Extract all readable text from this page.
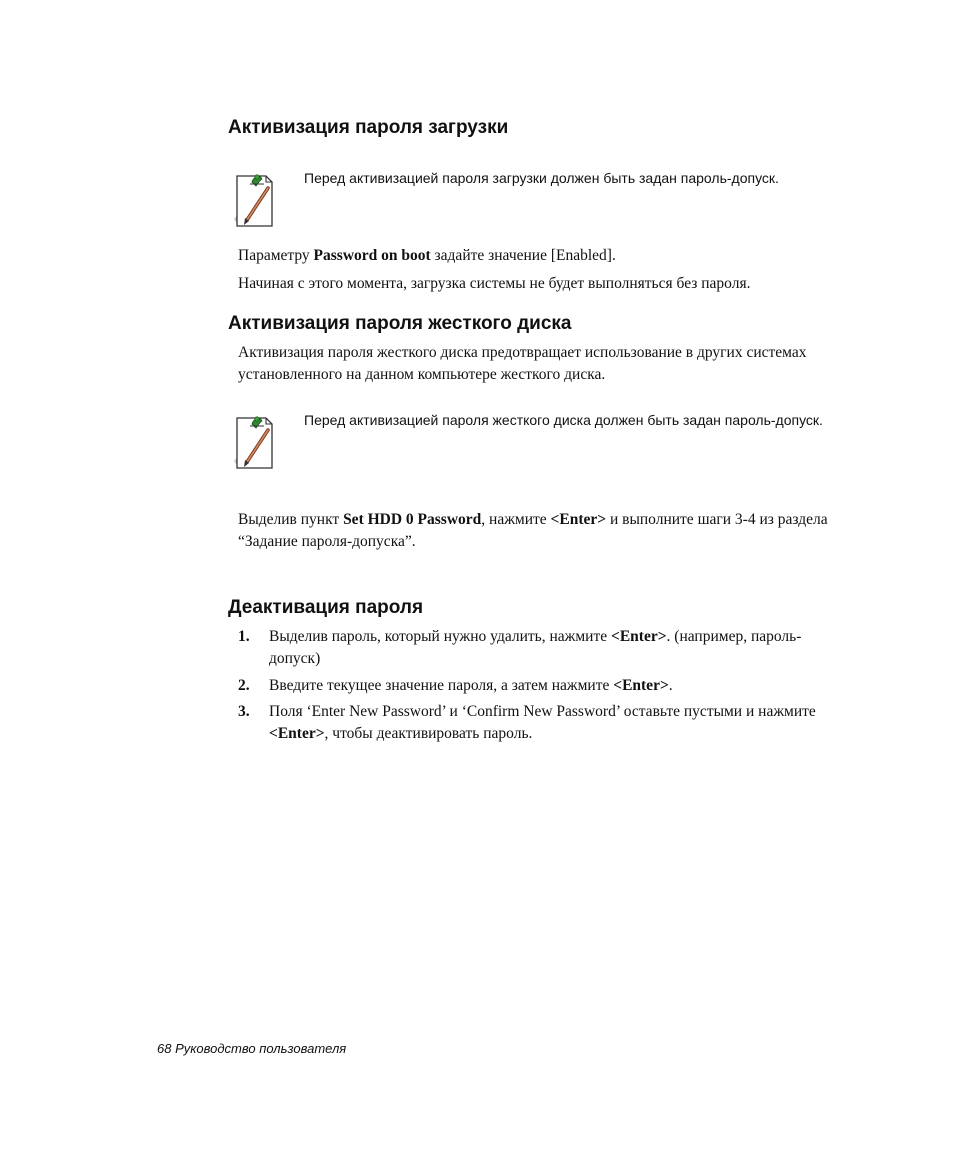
Активизация пароля загрузки
Перед активизацией пароля загрузки должен быть задан пароль-допуск.
Параметру Password on boot задайте значение [Enabled].
Начиная с этого момента, загрузка системы не будет выполняться без пароля.
Активизация пароля жесткого диска
Активизация пароля жесткого диска предотвращает использование в других системах установленного на данном компьютере жесткого диска.
Перед активизацией пароля жесткого диска должен быть задан пароль-допуск.
Выделив пункт Set HDD 0 Password, нажмите <Enter> и выполните шаги 3-4 из раздела “Задание пароля-допуска”.
Деактивация пароля
1. Выделив пароль, который нужно удалить, нажмите <Enter>. (например, пароль-допуск)
2. Введите текущее значение пароля, а затем нажмите <Enter>.
3. Поля ‘Enter New Password’ и ‘Confirm New Password’ оставьте пустыми и нажмите <Enter>, чтобы деактивировать пароль.
68 Руководство пользователя
